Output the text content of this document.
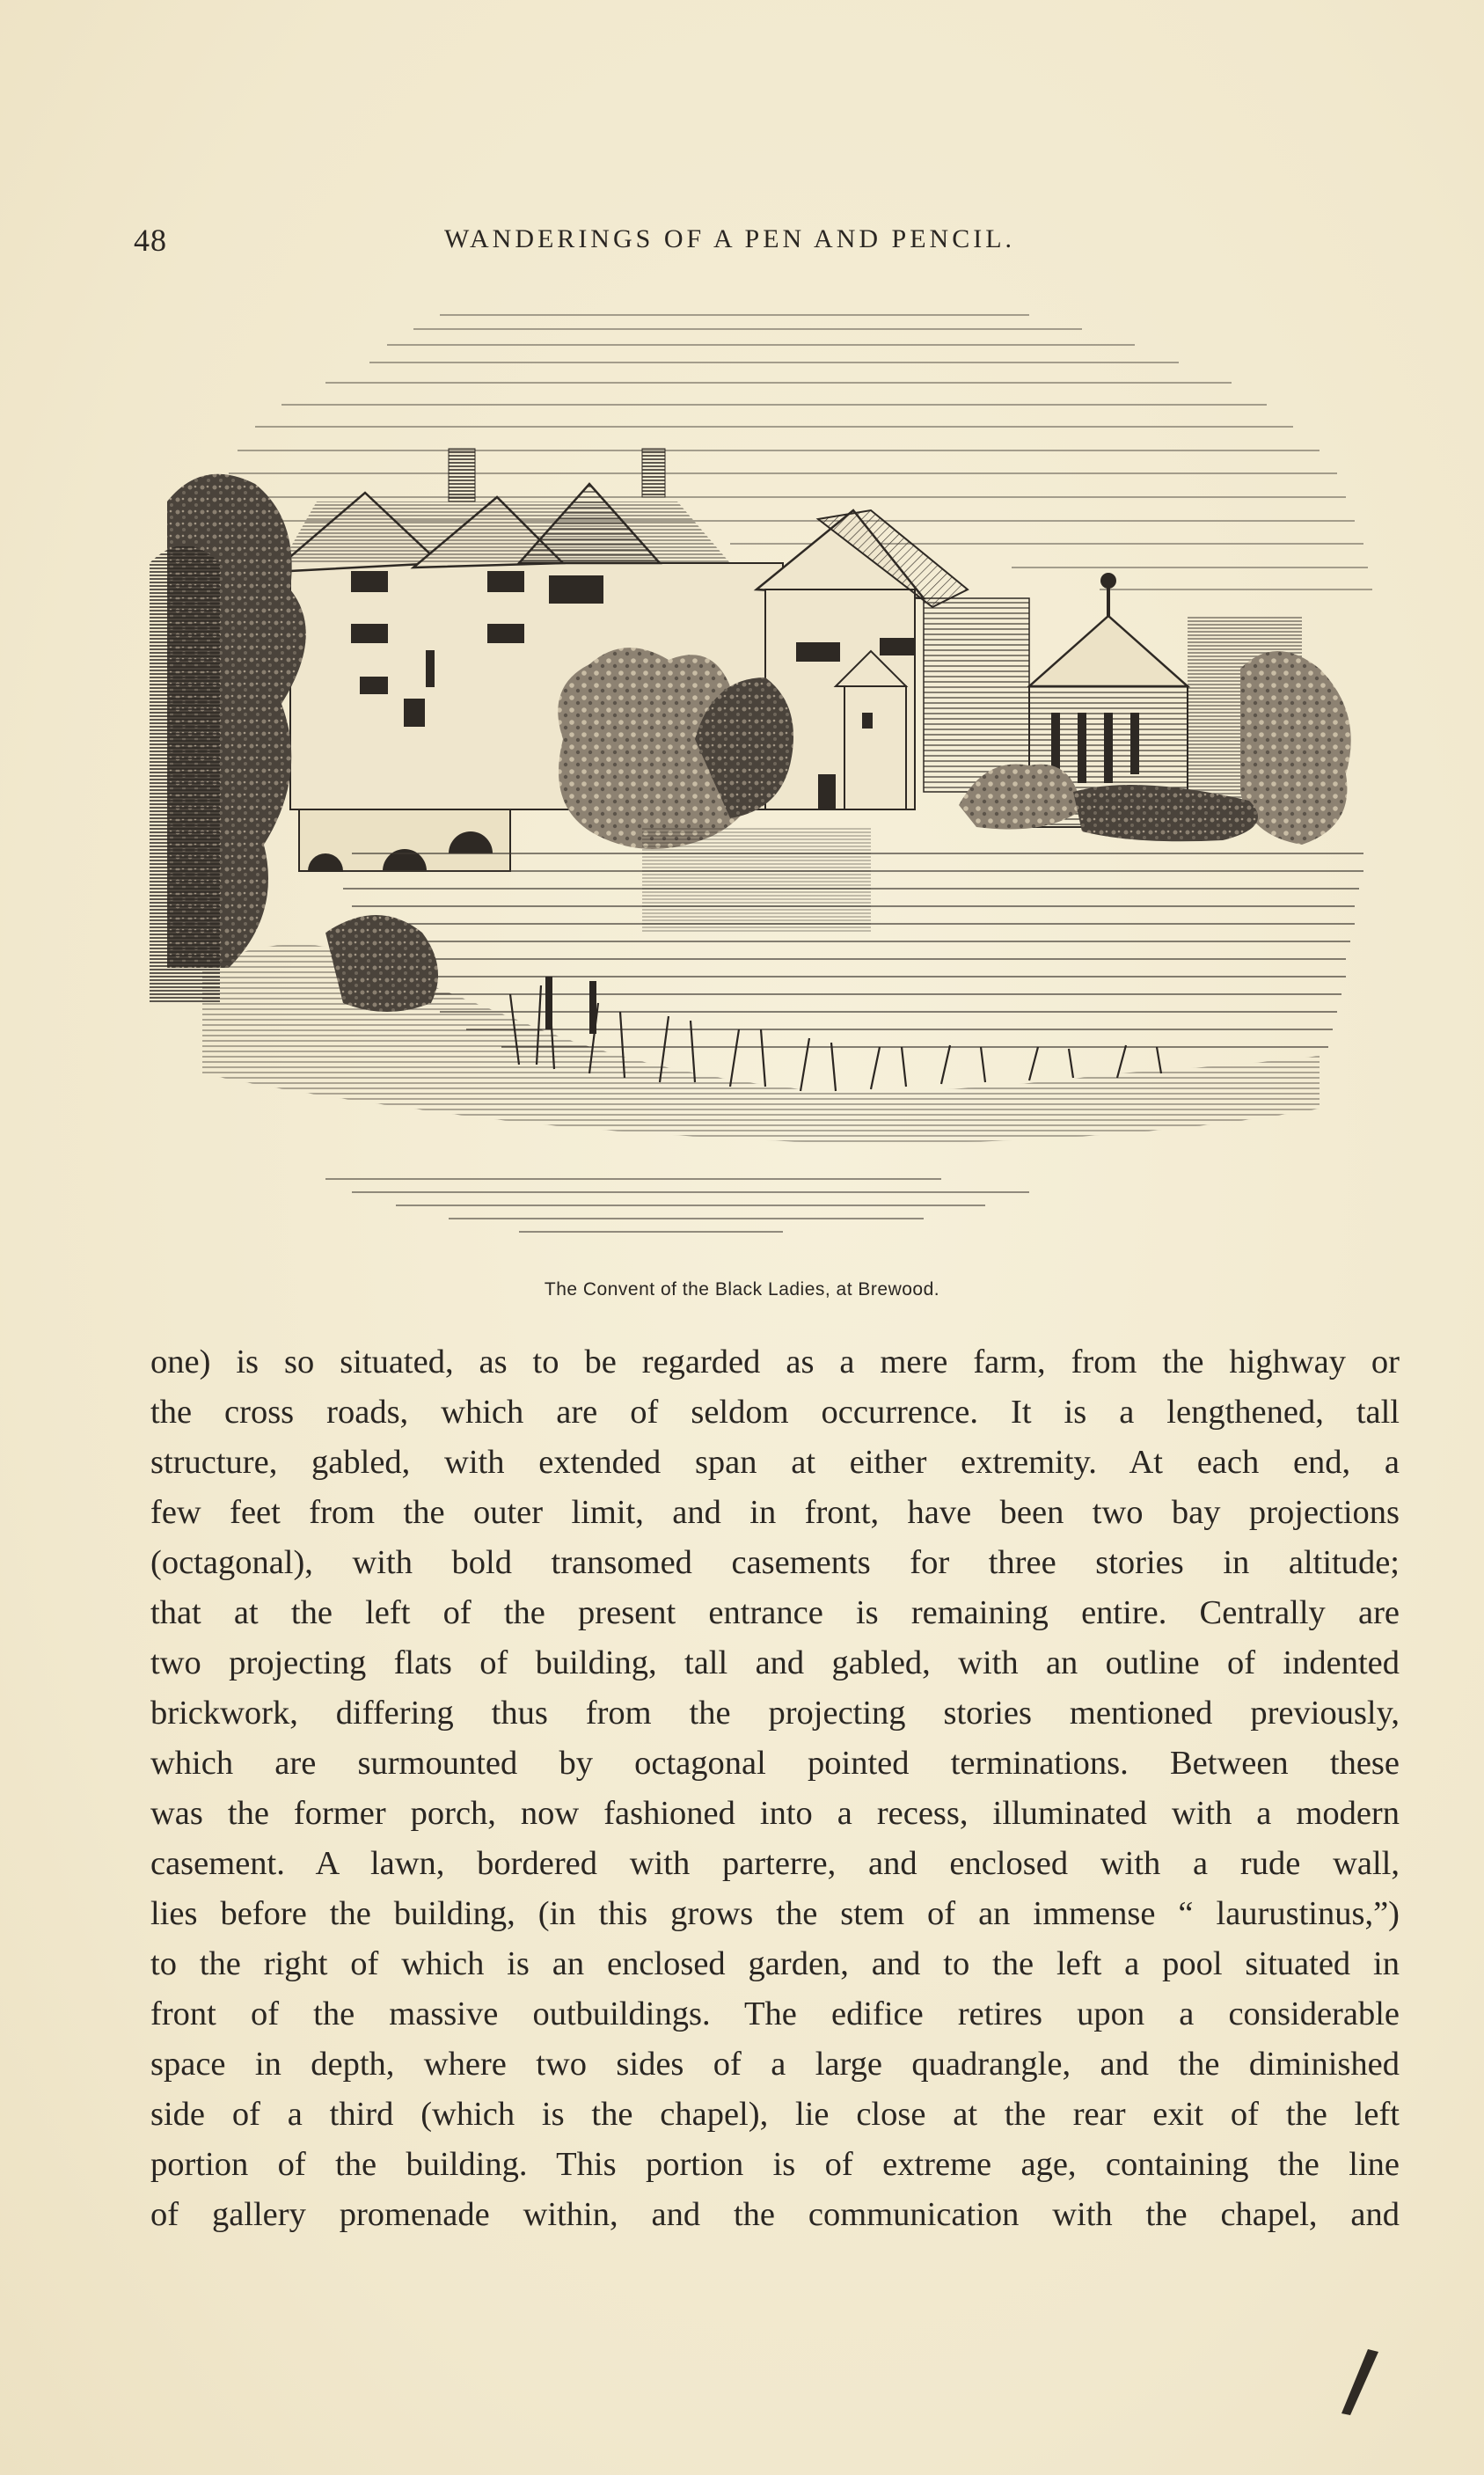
48	WANDERINGS OF A PEN AND PENCIL.
The Convent of the Black Ladies, at Brewood.
one) is so situated, as to be regarded as a mere farm, from the highway or
the cross roads, which are of seldom occurrence. It is a lengthened, tall
structure, gabled, with extended span at either extremity. At each end, a
few feet from the outer limit, and in front, have been two bay projections
(octagonal), with bold transomed casements for three stories in altitude;
that at the left of the present entrance is remaining entire. Centrally are
two projecting flats of building, tall and gabled, with an outline of indented
brickwork, differing thus from the projecting stories mentioned previously,
which are surmounted by octagonal pointed terminations. Between these
was the former porch, now fashioned into a recess, illuminated with a modern
casement. A lawn, bordered with parterre, and enclosed with a rude wall,
lies before the building, (in this grows the stem of an immense “ laurustinus,”)
to the right of which is an enclosed garden, and to the left a pool situated in
front of the massive outbuildings. The edifice retires upon a considerable
space in depth, where two sides of a large quadrangle, and the diminished
side of a third (which is the chapel), lie close at the rear exit of the left
portion of the building. This portion is of extreme age, containing the line
of gallery promenade within, and the communication with the chapel, and
